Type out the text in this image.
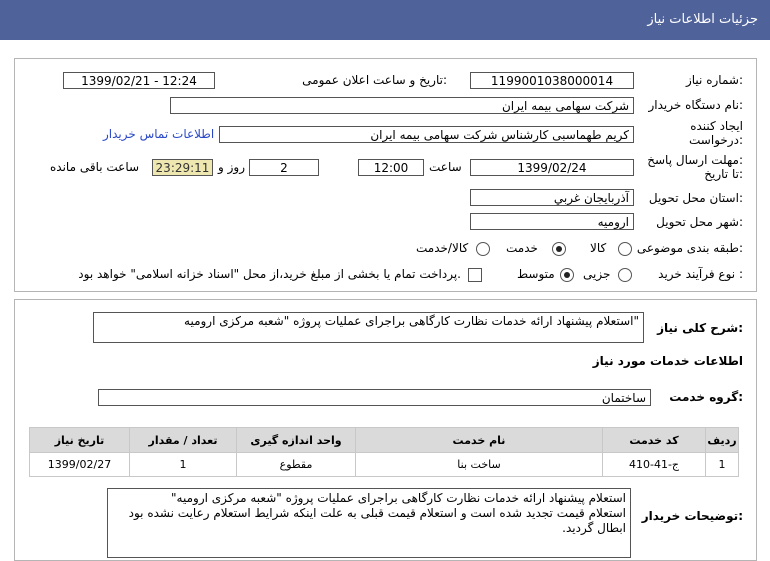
جزئیات اطلاعات نیاز
شماره نیاز:
1199001038000014
تاریخ و ساعت اعلان عمومی:
1399/02/21 - 12:24
نام دستگاه خریدار:
شرکت سهامی بیمه ایران
ایجاد کننده
درخواست:
کریم طهماسبی کارشناس شرکت سهامی بیمه ایران
اطلاعات تماس خریدار
مهلت ارسال پاسخ:
تا تاریخ:
1399/02/24
ساعت
12:00
2
روز و
23:29:11
ساعت باقی مانده
استان محل تحویل:
آذربایجان غربي
شهر محل تحویل:
ارومیه
طبقه بندی موضوعی:
کالا
خدمت
کالا/خدمت
نوع فرآیند خرید :
جزیی
متوسط
پرداخت تمام یا بخشی از مبلغ خرید،از محل "اسناد خزانه اسلامی" خواهد بود.
شرح کلی نیاز:
استعلام پیشنهاد ارائه خدمات نظارت کارگاهی براجرای عملیات پروژه "شعبه مرکزی ارومیه"
اطلاعات خدمات مورد نیاز
گروه خدمت:
ساختمان
ردیف	کد خدمت	نام خدمت	واحد اندازه گیری	تعداد / مقدار	تاریخ نیاز
1	ج-41-410	ساخت بنا	مقطوع	1	1399/02/27
توضیحات خریدار:
استعلام پیشنهاد ارائه خدمات نظارت کارگاهی براجرای عملیات پروژه "شعبه مرکزی ارومیه"
استعلام قیمت تجدید شده است و استعلام قیمت قبلی به علت اینکه شرایط استعلام رعایت نشده بود
ابطال گردید.
